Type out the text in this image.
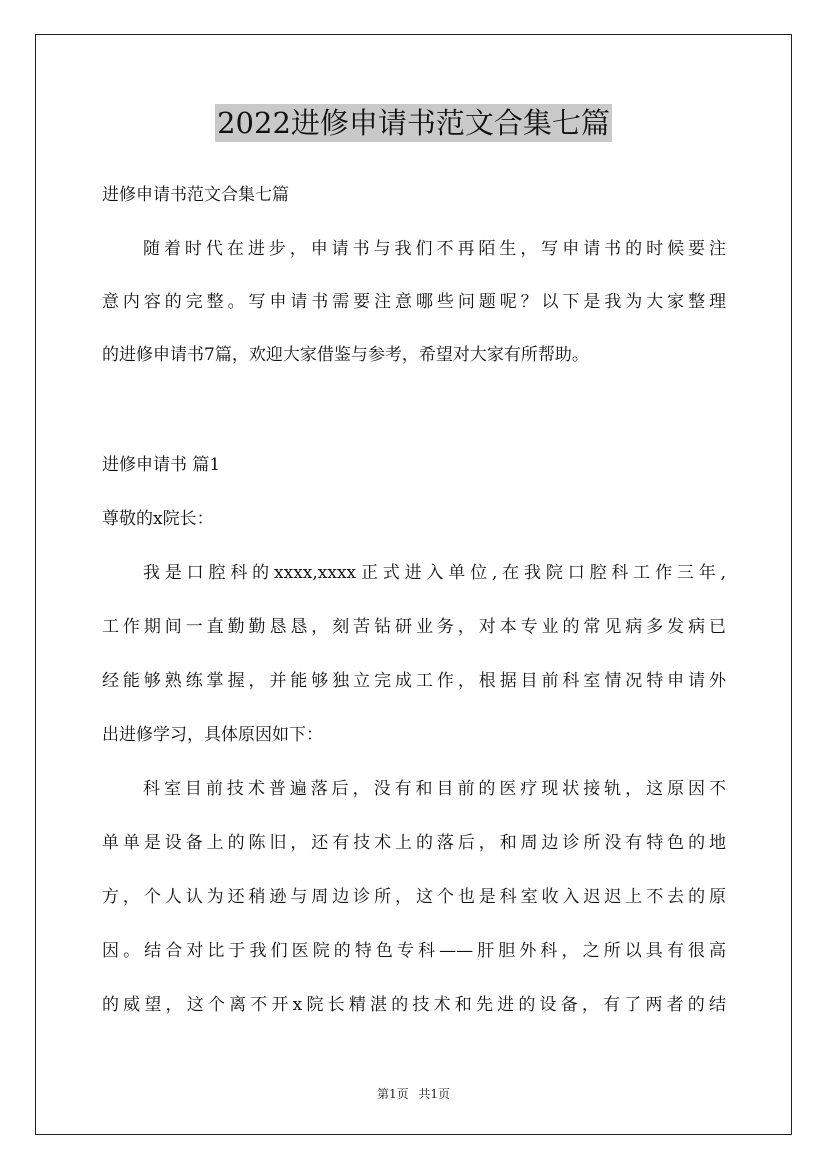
2022进修申请书范文合集七篇
进修申请书范文合集七篇
随着时代在进步，申请书与我们不再陌生，写申请书的时候要注
意内容的完整。写申请书需要注意哪些问题呢？以下是我为大家整理
的进修申请书7篇，欢迎大家借鉴与参考，希望对大家有所帮助。
进修申请书 篇1
尊敬的x院长：
我是口腔科的xxxx,xxxx正式进入单位,在我院口腔科工作三年,
工作期间一直勤勤恳恳，刻苦钻研业务，对本专业的常见病多发病已
经能够熟练掌握，并能够独立完成工作，根据目前科室情况特申请外
出进修学习，具体原因如下：
科室目前技术普遍落后，没有和目前的医疗现状接轨，这原因不
单单是设备上的陈旧，还有技术上的落后，和周边诊所没有特色的地
方，个人认为还稍逊与周边诊所，这个也是科室收入迟迟上不去的原
因。结合对比于我们医院的特色专科——肝胆外科，之所以具有很高
的威望，这个离不开x院长精湛的技术和先进的设备，有了两者的结
第1页 共1页
